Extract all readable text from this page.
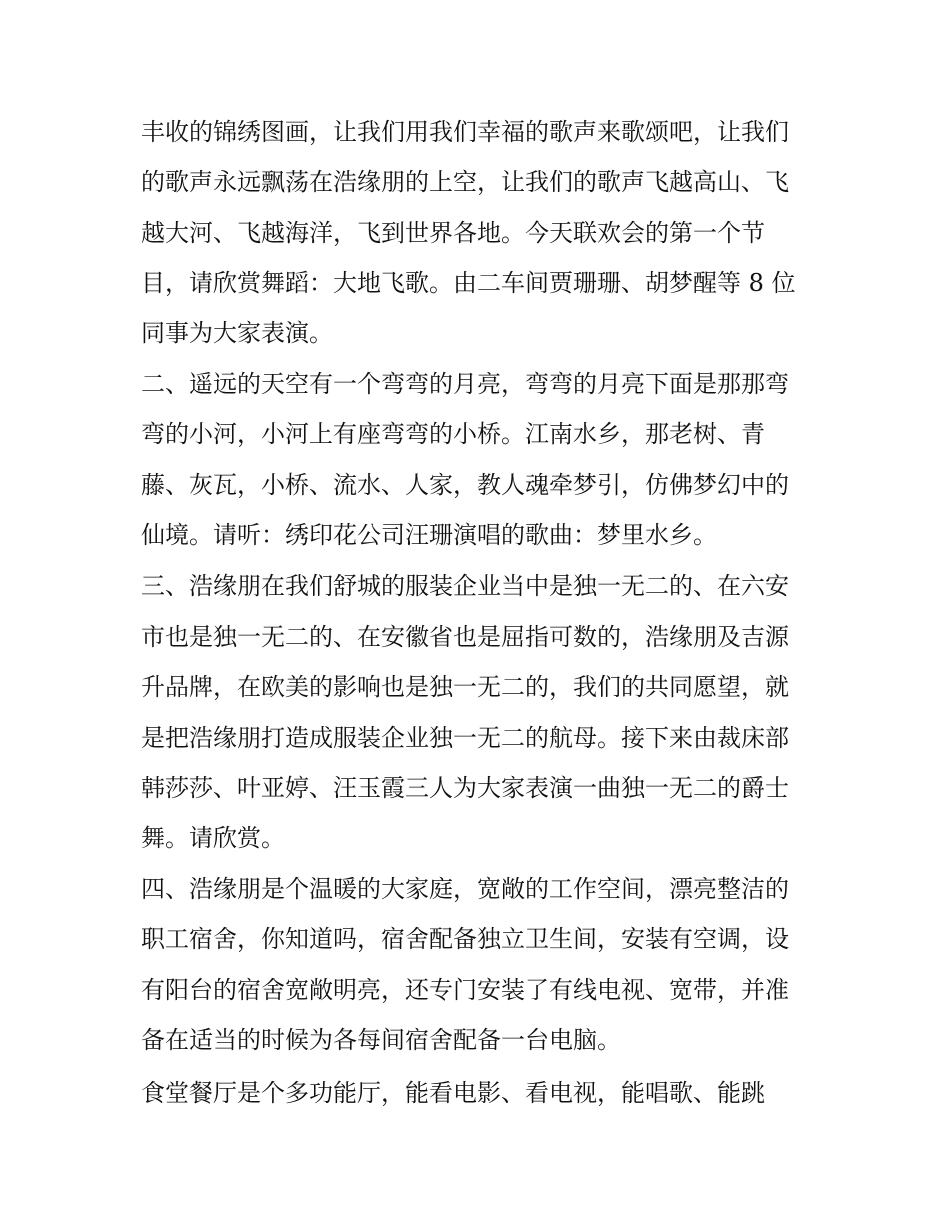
丰收的锦绣图画，让我们用我们幸福的歌声来歌颂吧，让我们
的歌声永远飘荡在浩缘朋的上空，让我们的歌声飞越高山、飞
越大河、飞越海洋，飞到世界各地。今天联欢会的第一个节
目，请欣赏舞蹈：大地飞歌。由二车间贾珊珊、胡梦醒等 8 位
同事为大家表演。
二、遥远的天空有一个弯弯的月亮，弯弯的月亮下面是那那弯
弯的小河，小河上有座弯弯的小桥。江南水乡，那老树、青
藤、灰瓦，小桥、流水、人家，教人魂牵梦引，仿佛梦幻中的
仙境。请听：绣印花公司汪珊演唱的歌曲：梦里水乡。
三、浩缘朋在我们舒城的服装企业当中是独一无二的、在六安
市也是独一无二的、在安徽省也是屈指可数的，浩缘朋及吉源
升品牌，在欧美的影响也是独一无二的，我们的共同愿望，就
是把浩缘朋打造成服装企业独一无二的航母。接下来由裁床部
韩莎莎、叶亚婷、汪玉霞三人为大家表演一曲独一无二的爵士
舞。请欣赏。
四、浩缘朋是个温暖的大家庭，宽敞的工作空间，漂亮整洁的
职工宿舍，你知道吗，宿舍配备独立卫生间，安装有空调，设
有阳台的宿舍宽敞明亮，还专门安装了有线电视、宽带，并准
备在适当的时候为各每间宿舍配备一台电脑。
食堂餐厅是个多功能厅，能看电影、看电视，能唱歌、能跳
